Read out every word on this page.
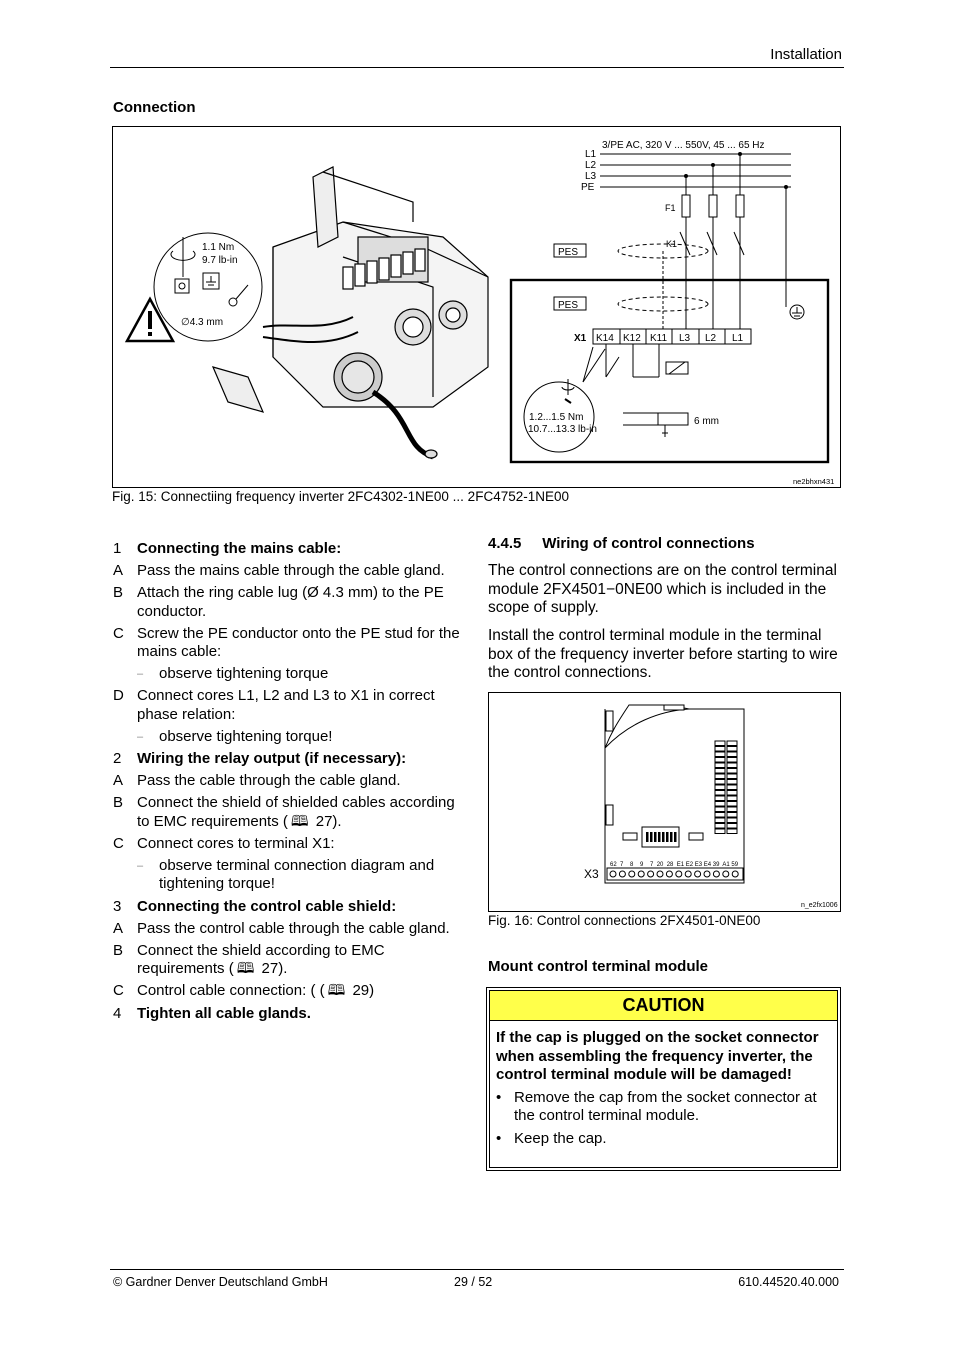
Installation
Connection
1.1 Nm
9.7 lb-in
∅4.3 mm
3/PE AC, 320 V ... 550V, 45 ... 65 Hz
L1
L2
L3
PE
F1
K1
PES
PES
X1 K14 K12 K11 L3 L2 L1
1.2...1.5 Nm
10.7...13.3 lb-in
6 mm
ne2bhxn431
Fig. 15: Connectiing frequency inverter 2FC4302-1NE00 ... 2FC4752-1NE00
1 Connecting the mains cable:
A Pass the mains cable through the cable gland.
B Attach the ring cable lug (Ø 4.3 mm) to the PE conductor.
C Screw the PE conductor onto the PE stud for the mains cable:
– observe tightening torque
D Connect cores L1, L2 and L3 to X1 in correct phase relation:
– observe tightening torque!
2 Wiring the relay output (if necessary):
A Pass the cable through the cable gland.
B Connect the shield of shielded cables according to EMC requirements ( 🕮  27).
C Connect cores to terminal X1:
– observe terminal connection diagram and tightening torque!
3 Connecting the control cable shield:
A Pass the control cable through the cable gland.
B Connect the shield according to EMC requirements ( 🕮  27).
C Control cable connection: ( ( 🕮  29)
4 Tighten all cable glands.
4.4.5     Wiring of control connections
The control connections are on the control terminal module 2FX4501−0NE00 which is included in the scope of supply.
Install the control terminal module in the terminal box of the frequency inverter before starting to wire the control connections.
62  7    8    9    7  20  28  E1 E2 E3 E4 39  A1 59
X3
n_e2fx1006
Fig. 16: Control connections 2FX4501-0NE00
Mount control terminal module
CAUTION
If the cap is plugged on the socket connector when assembling the frequency inverter, the control terminal module will be damaged!
• Remove the cap from the socket connector at the control terminal module.
• Keep the cap.
© Gardner Denver Deutschland GmbH	29 / 52	610.44520.40.000
